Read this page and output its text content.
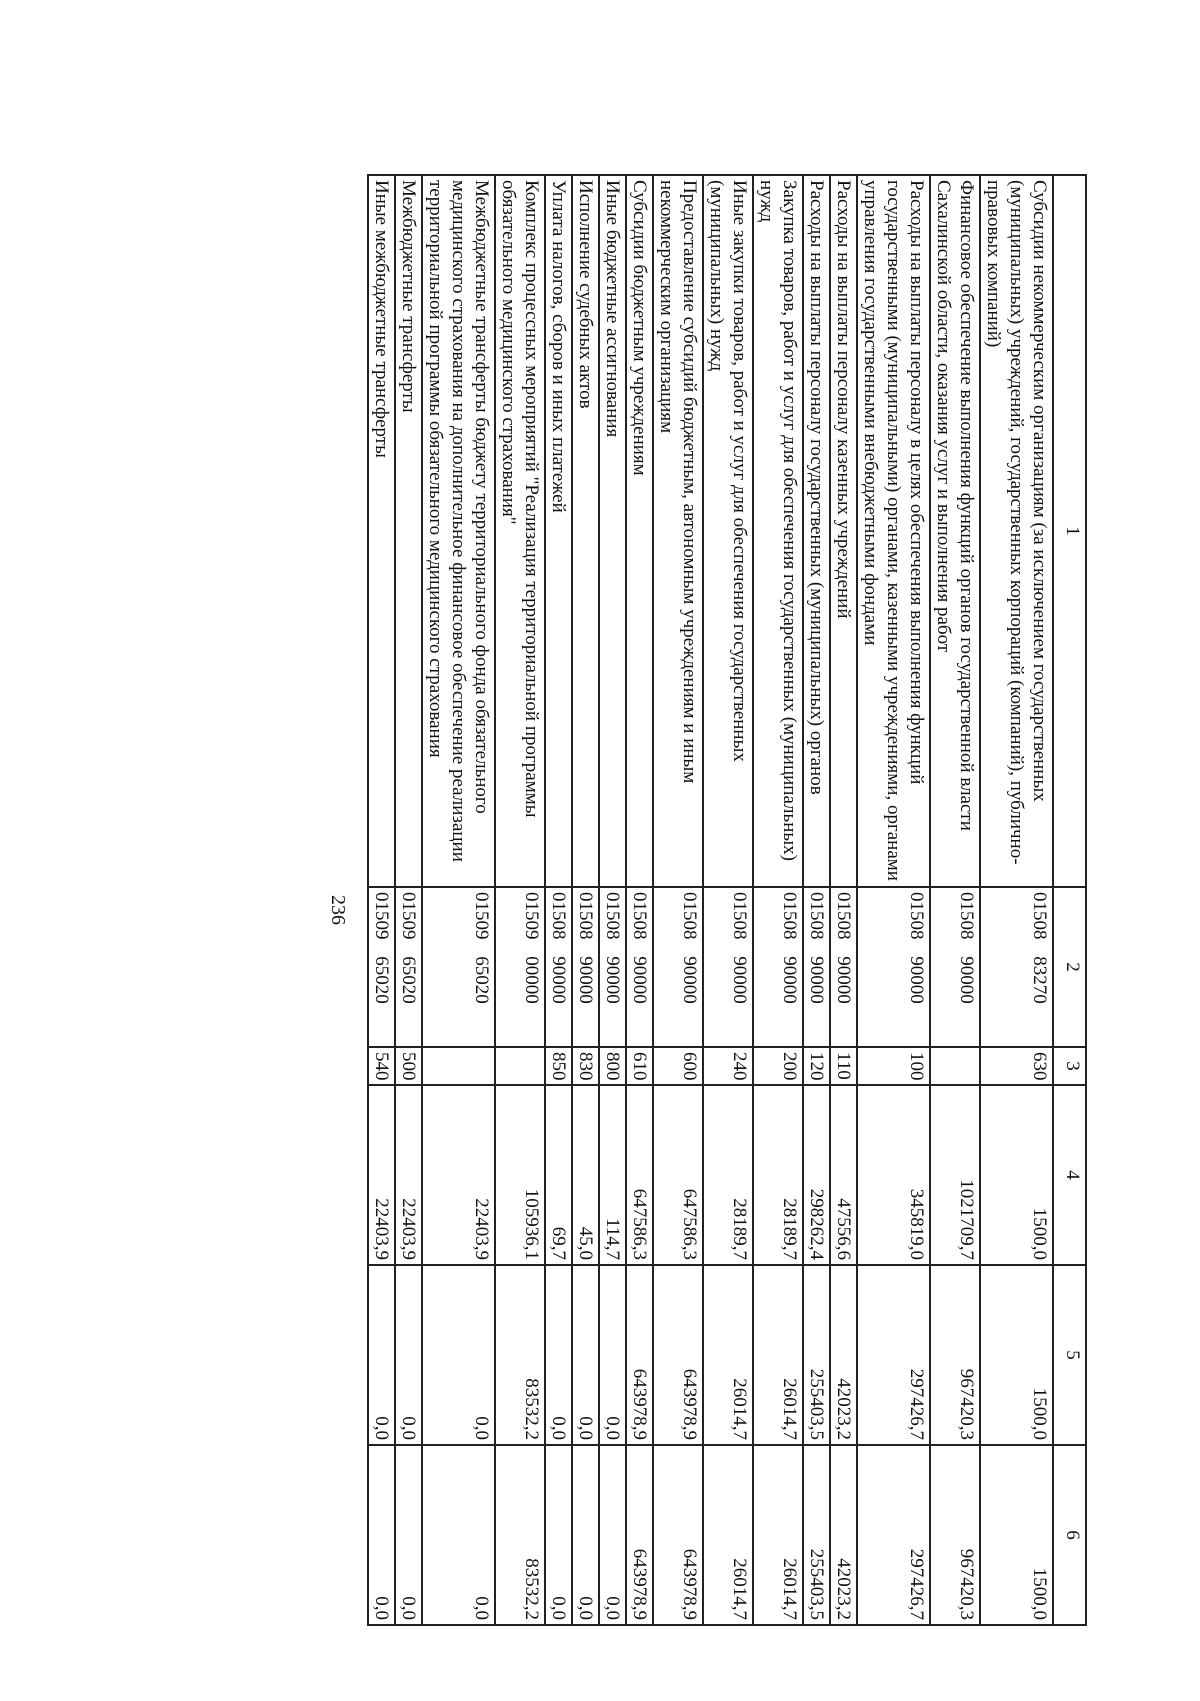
236
1	2	3	4	5	6
Субсидии некоммерческим организациям (за исключением государственных (муниципальных) учреждений, государственных корпораций (компаний), публично-правовых компаний)	01508 83270	630	1500,0	1500,0	1500,0
Финансовое обеспечение выполнения функций органов государственной власти Сахалинской области, оказания услуг и выполнения работ	01508 90000		1021709,7	967420,3	967420,3
Расходы на выплаты персоналу в целях обеспечения выполнения функций государственными (муниципальными) органами, казенными учреждениями, органами управления государственными внебюджетными фондами	01508 90000	100	345819,0	297426,7	297426,7
Расходы на выплаты персоналу казенных учреждений	01508 90000	110	47556,6	42023,2	42023,2
Расходы на выплаты персоналу государственных (муниципальных) органов	01508 90000	120	298262,4	255403,5	255403,5
Закупка товаров, работ и услуг для обеспечения государственных (муниципальных) нужд	01508 90000	200	28189,7	26014,7	26014,7
Иные закупки товаров, работ и услуг для обеспечения государственных (муниципальных) нужд	01508 90000	240	28189,7	26014,7	26014,7
Предоставление субсидий бюджетным, автономным учреждениям и иным некоммерческим организациям	01508 90000	600	647586,3	643978,9	643978,9
Субсидии бюджетным учреждениям	01508 90000	610	647586,3	643978,9	643978,9
Иные бюджетные ассигнования	01508 90000	800	114,7	0,0	0,0
Исполнение судебных актов	01508 90000	830	45,0	0,0	0,0
Уплата налогов, сборов и иных платежей	01508 90000	850	69,7	0,0	0,0
Комплекс процессных мероприятий "Реализация территориальной программы обязательного медицинского страхования"	01509 00000		105936,1	83532,2	83532,2
Межбюджетные трансферты бюджету территориального фонда обязательного медицинского страхования на дополнительное финансовое обеспечение реализации территориальной программы обязательного медицинского страхования	01509 65020		22403,9	0,0	0,0
Межбюджетные трансферты	01509 65020	500	22403,9	0,0	0,0
Иные межбюджетные трансферты	01509 65020	540	22403,9	0,0	0,0
